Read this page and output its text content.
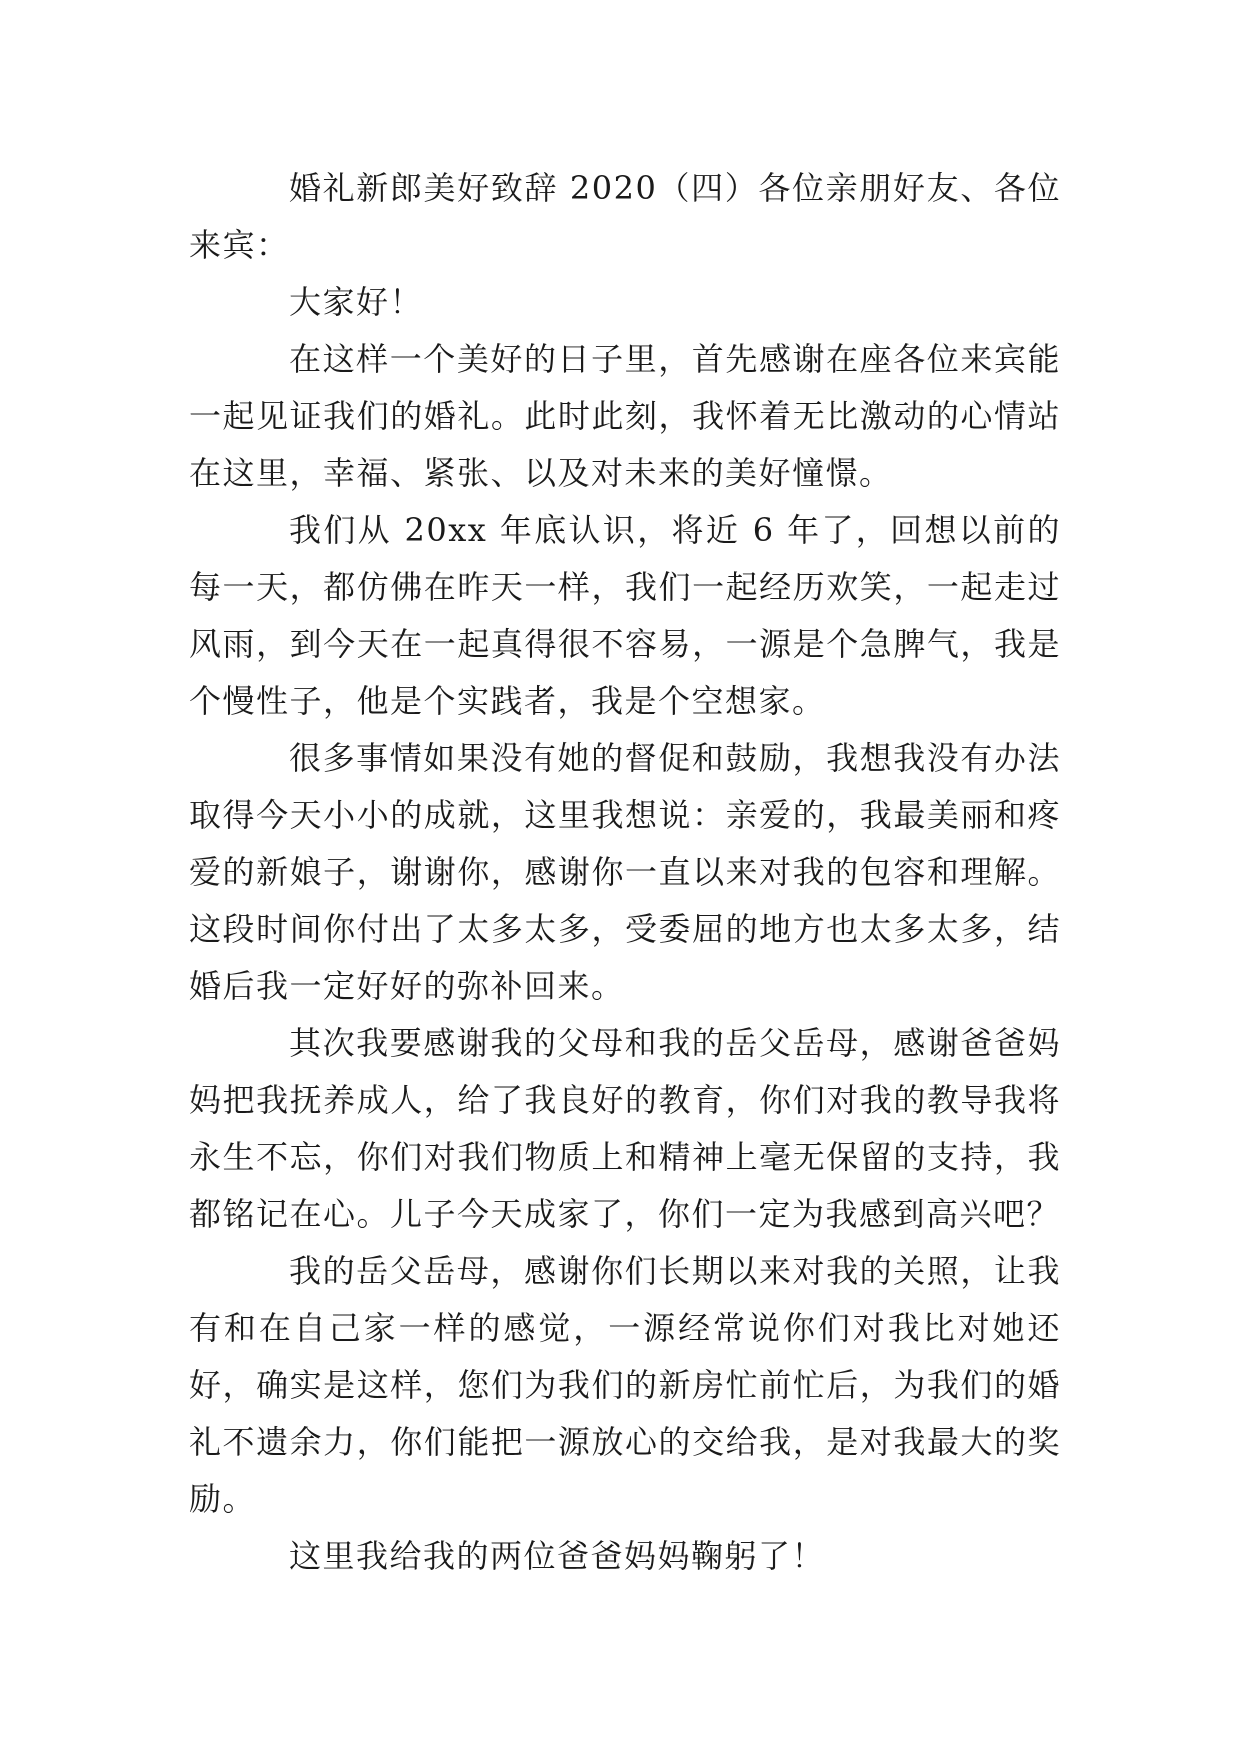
婚礼新郎美好致辞 2020（四）各位亲朋好友、各位来宾：

大家好！

在这样一个美好的日子里，首先感谢在座各位来宾能一起见证我们的婚礼。此时此刻，我怀着无比激动的心情站在这里，幸福、紧张、以及对未来的美好憧憬。

我们从 20xx 年底认识，将近 6 年了，回想以前的每一天，都仿佛在昨天一样，我们一起经历欢笑，一起走过风雨，到今天在一起真得很不容易，一源是个急脾气，我是个慢性子，他是个实践者，我是个空想家。

很多事情如果没有她的督促和鼓励，我想我没有办法取得今天小小的成就，这里我想说：亲爱的，我最美丽和疼爱的新娘子，谢谢你，感谢你一直以来对我的包容和理解。这段时间你付出了太多太多，受委屈的地方也太多太多，结婚后我一定好好的弥补回来。

其次我要感谢我的父母和我的岳父岳母，感谢爸爸妈妈把我抚养成人，给了我良好的教育，你们对我的教导我将永生不忘，你们对我们物质上和精神上毫无保留的支持，我都铭记在心。儿子今天成家了，你们一定为我感到高兴吧？

我的岳父岳母，感谢你们长期以来对我的关照，让我有和在自己家一样的感觉，一源经常说你们对我比对她还好，确实是这样，您们为我们的新房忙前忙后，为我们的婚礼不遗余力，你们能把一源放心的交给我，是对我最大的奖励。

这里我给我的两位爸爸妈妈鞠躬了！
